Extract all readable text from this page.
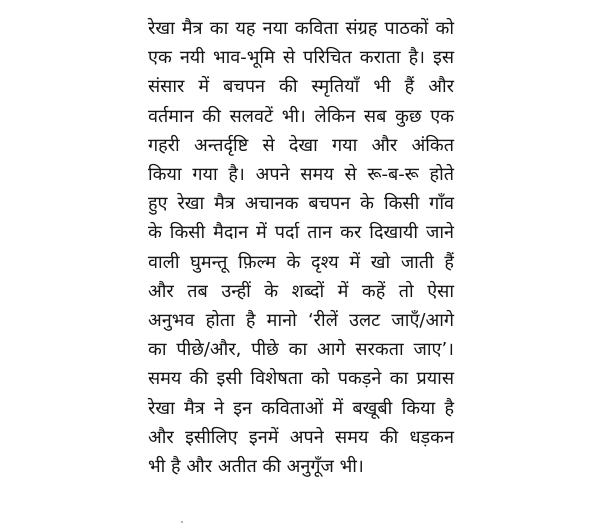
रेखा मैत्र का यह नया कविता संग्रह पाठकों को
एक नयी भाव-भूमि से परिचित कराता है। इस
संसार में बचपन की स्मृतियाँ भी हैं और
वर्तमान की सलवटें भी। लेकिन सब कुछ एक
गहरी अन्तर्दृष्टि से देखा गया और अंकित
किया गया है। अपने समय से रू-ब-रू होते
हुए रेखा मैत्र अचानक बचपन के किसी गाँव
के किसी मैदान में पर्दा तान कर दिखायी जाने
वाली घुमन्तू फ़िल्म के दृश्य में खो जाती हैं
और तब उन्हीं के शब्दों में कहें तो ऐसा
अनुभव होता है मानो ‘रीलें उलट जाएँ/आगे
का पीछे/और, पीछे का आगे सरकता जाए’।
समय की इसी विशेषता को पकड़ने का प्रयास
रेखा मैत्र ने इन कविताओं में बखूबी किया है
और इसीलिए इनमें अपने समय की धड़कन
भी है और अतीत की अनुगूँज भी।
